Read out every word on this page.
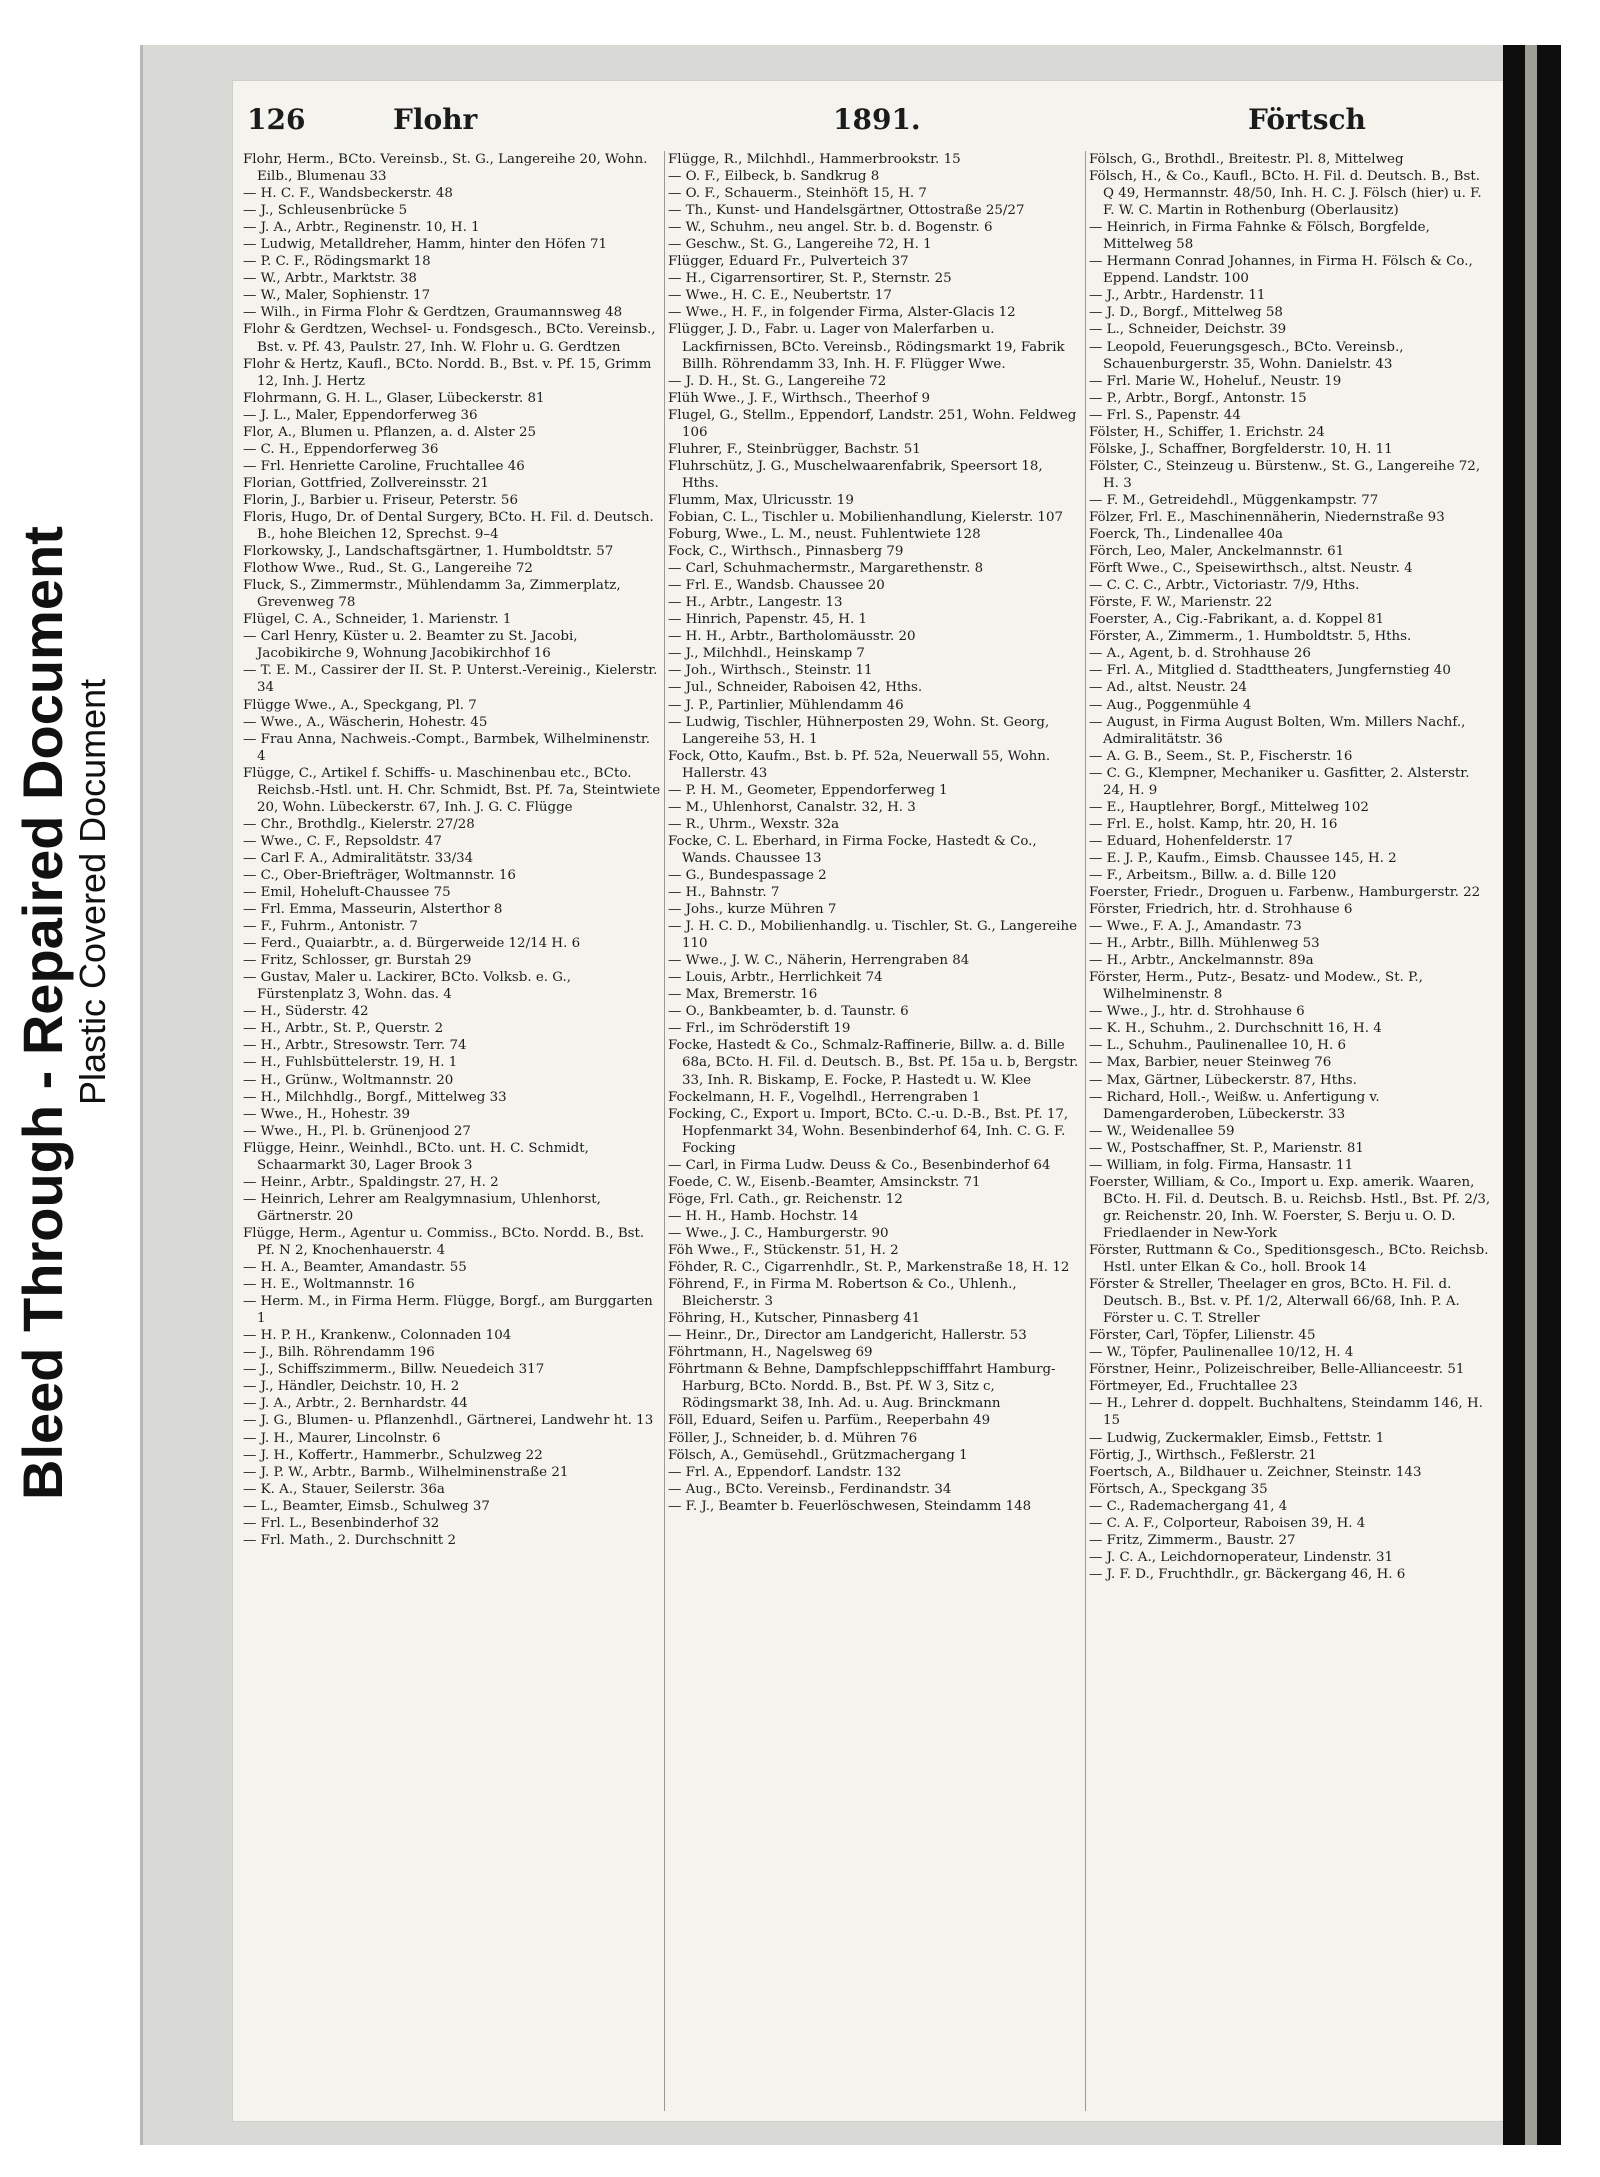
Bleed Through - Repaired Document
Plastic Covered Document
126	Flohr	1891.	Förtsch

Flohr, Herm., BCto. Vereinsb., St. G., Langereihe 20, Wohn. Eilb., Blumenau 33

— H. C. F., Wandsbeckerstr. 48

— J., Schleusenbrücke 5

— J. A., Arbtr., Reginenstr. 10, H. 1

— Ludwig, Metalldreher, Hamm, hinter den Höfen 71

— P. C. F., Rödingsmarkt 18

— W., Arbtr., Marktstr. 38

— W., Maler, Sophienstr. 17

— Wilh., in Firma Flohr & Gerdtzen, Graumannsweg 48

Flohr & Gerdtzen, Wechsel- u. Fondsgesch., BCto. Vereinsb., Bst. v. Pf. 43, Paulstr. 27, Inh. W. Flohr u. G. Gerdtzen

Flohr & Hertz, Kaufl., BCto. Nordd. B., Bst. v. Pf. 15, Grimm 12, Inh. J. Hertz

Flohrmann, G. H. L., Glaser, Lübeckerstr. 81

— J. L., Maler, Eppendorferweg 36

Flor, A., Blumen u. Pflanzen, a. d. Alster 25

— C. H., Eppendorferweg 36

— Frl. Henriette Caroline, Fruchtallee 46

Florian, Gottfried, Zollvereinsstr. 21

Florin, J., Barbier u. Friseur, Peterstr. 56

Floris, Hugo, Dr. of Dental Surgery, BCto. H. Fil. d. Deutsch. B., hohe Bleichen 12, Sprechst. 9–4

Florkowsky, J., Landschaftsgärtner, 1. Humboldtstr. 57

Flothow Wwe., Rud., St. G., Langereihe 72

Fluck, S., Zimmermstr., Mühlendamm 3a, Zimmerplatz, Grevenweg 78

Flügel, C. A., Schneider, 1. Marienstr. 1

— Carl Henry, Küster u. 2. Beamter zu St. Jacobi, Jacobikirche 9, Wohnung Jacobikirchhof 16

— T. E. M., Cassirer der II. St. P. Unterst.-Vereinig., Kielerstr. 34

Flügge Wwe., A., Speckgang, Pl. 7

— Wwe., A., Wäscherin, Hohestr. 45

— Frau Anna, Nachweis.-Compt., Barmbek, Wilhelminenstr. 4

Flügge, C., Artikel f. Schiffs- u. Maschinenbau etc., BCto. Reichsb.-Hstl. unt. H. Chr. Schmidt, Bst. Pf. 7a, Steintwiete 20, Wohn. Lübeckerstr. 67, Inh. J. G. C. Flügge

— Chr., Brothdlg., Kielerstr. 27/28

— Wwe., C. F., Repsoldstr. 47

— Carl F. A., Admiralitätstr. 33/34

— C., Ober-Briefträger, Woltmannstr. 16

— Emil, Hoheluft-Chaussee 75

— Frl. Emma, Masseurin, Alsterthor 8

— F., Fuhrm., Antonistr. 7

— Ferd., Quaiarbtr., a. d. Bürgerweide 12/14 H. 6

— Fritz, Schlosser, gr. Burstah 29

— Gustav, Maler u. Lackirer, BCto. Volksb. e. G., Fürstenplatz 3, Wohn. das. 4

— H., Süderstr. 42

— H., Arbtr., St. P., Querstr. 2

— H., Arbtr., Stresowstr. Terr. 74

— H., Fuhlsbüttelerstr. 19, H. 1

— H., Grünw., Woltmannstr. 20

— H., Milchhdlg., Borgf., Mittelweg 33

— Wwe., H., Hohestr. 39

— Wwe., H., Pl. b. Grünenjood 27

Flügge, Heinr., Weinhdl., BCto. unt. H. C. Schmidt, Schaarmarkt 30, Lager Brook 3

— Heinr., Arbtr., Spaldingstr. 27, H. 2

— Heinrich, Lehrer am Realgymnasium, Uhlenhorst, Gärtnerstr. 20

Flügge, Herm., Agentur u. Commiss., BCto. Nordd. B., Bst. Pf. N 2, Knochenhauerstr. 4

— H. A., Beamter, Amandastr. 55

— H. E., Woltmannstr. 16

— Herm. M., in Firma Herm. Flügge, Borgf., am Burggarten 1

— H. P. H., Krankenw., Colonnaden 104

— J., Bilh. Röhrendamm 196

— J., Schiffszimmerm., Billw. Neuedeich 317

— J., Händler, Deichstr. 10, H. 2

— J. A., Arbtr., 2. Bernhardstr. 44

— J. G., Blumen- u. Pflanzenhdl., Gärtnerei, Landwehr ht. 13

— J. H., Maurer, Lincolnstr. 6

— J. H., Koffertr., Hammerbr., Schulzweg 22

— J. P. W., Arbtr., Barmb., Wilhelminenstraße 21

— K. A., Stauer, Seilerstr. 36a

— L., Beamter, Eimsb., Schulweg 37

— Frl. L., Besenbinderhof 32

— Frl. Math., 2. Durchschnitt 2

Flügge, R., Milchhdl., Hammerbrookstr. 15

— O. F., Eilbeck, b. Sandkrug 8

— O. F., Schauerm., Steinhöft 15, H. 7

— Th., Kunst- und Handelsgärtner, Ottostraße 25/27

— W., Schuhm., neu angel. Str. b. d. Bogenstr. 6

— Geschw., St. G., Langereihe 72, H. 1

Flügger, Eduard Fr., Pulverteich 37

— H., Cigarrensortirer, St. P., Sternstr. 25

— Wwe., H. C. E., Neubertstr. 17

— Wwe., H. F., in folgender Firma, Alster-Glacis 12

Flügger, J. D., Fabr. u. Lager von Malerfarben u. Lackfirnissen, BCto. Vereinsb., Rödingsmarkt 19, Fabrik Billh. Röhrendamm 33, Inh. H. F. Flügger Wwe.

— J. D. H., St. G., Langereihe 72

Flüh Wwe., J. F., Wirthsch., Theerhof 9

Flugel, G., Stellm., Eppendorf, Landstr. 251, Wohn. Feldweg 106

Fluhrer, F., Steinbrügger, Bachstr. 51

Fluhrschütz, J. G., Muschelwaarenfabrik, Speersort 18, Hths.

Flumm, Max, Ulricusstr. 19

Fobian, C. L., Tischler u. Mobilienhandlung, Kielerstr. 107

Foburg, Wwe., L. M., neust. Fuhlentwiete 128

Fock, C., Wirthsch., Pinnasberg 79

— Carl, Schuhmachermstr., Margarethenstr. 8

— Frl. E., Wandsb. Chaussee 20

— H., Arbtr., Langestr. 13

— Hinrich, Papenstr. 45, H. 1

— H. H., Arbtr., Bartholomäusstr. 20

— J., Milchhdl., Heinskamp 7

— Joh., Wirthsch., Steinstr. 11

— Jul., Schneider, Raboisen 42, Hths.

— J. P., Partinlier, Mühlendamm 46

— Ludwig, Tischler, Hühnerposten 29, Wohn. St. Georg, Langereihe 53, H. 1

Fock, Otto, Kaufm., Bst. b. Pf. 52a, Neuerwall 55, Wohn. Hallerstr. 43

— P. H. M., Geometer, Eppendorferweg 1

— M., Uhlenhorst, Canalstr. 32, H. 3

— R., Uhrm., Wexstr. 32a

Focke, C. L. Eberhard, in Firma Focke, Hastedt & Co., Wands. Chaussee 13

— G., Bundespassage 2

— H., Bahnstr. 7

— Johs., kurze Mühren 7

— J. H. C. D., Mobilienhandlg. u. Tischler, St. G., Langereihe 110

— Wwe., J. W. C., Näherin, Herrengraben 84

— Louis, Arbtr., Herrlichkeit 74

— Max, Bremerstr. 16

— O., Bankbeamter, b. d. Taunstr. 6

— Frl., im Schröderstift 19

Focke, Hastedt & Co., Schmalz-Raffinerie, Billw. a. d. Bille 68a, BCto. H. Fil. d. Deutsch. B., Bst. Pf. 15a u. b, Bergstr. 33, Inh. R. Biskamp, E. Focke, P. Hastedt u. W. Klee

Fockelmann, H. F., Vogelhdl., Herrengraben 1

Focking, C., Export u. Import, BCto. C.-u. D.-B., Bst. Pf. 17, Hopfenmarkt 34, Wohn. Besenbinderhof 64, Inh. C. G. F. Focking

— Carl, in Firma Ludw. Deuss & Co., Besenbinderhof 64

Foede, C. W., Eisenb.-Beamter, Amsinckstr. 71

Föge, Frl. Cath., gr. Reichenstr. 12

— H. H., Hamb. Hochstr. 14

— Wwe., J. C., Hamburgerstr. 90

Föh Wwe., F., Stückenstr. 51, H. 2

Föhder, R. C., Cigarrenhdlr., St. P., Markenstraße 18, H. 12

Föhrend, F., in Firma M. Robertson & Co., Uhlenh., Bleicherstr. 3

Föhring, H., Kutscher, Pinnasberg 41

— Heinr., Dr., Director am Landgericht, Hallerstr. 53

Föhrtmann, H., Nagelsweg 69

Föhrtmann & Behne, Dampfschleppschifffahrt Hamburg-Harburg, BCto. Nordd. B., Bst. Pf. W 3, Sitz c, Rödingsmarkt 38, Inh. Ad. u. Aug. Brinckmann

Föll, Eduard, Seifen u. Parfüm., Reeperbahn 49

Föller, J., Schneider, b. d. Mühren 76

Fölsch, A., Gemüsehdl., Grützmachergang 1

— Frl. A., Eppendorf. Landstr. 132

— Aug., BCto. Vereinsb., Ferdinandstr. 34

— F. J., Beamter b. Feuerlöschwesen, Steindamm 148

Fölsch, G., Brothdl., Breitestr. Pl. 8, Mittelweg

Fölsch, H., & Co., Kaufl., BCto. H. Fil. d. Deutsch. B., Bst. Q 49, Hermannstr. 48/50, Inh. H. C. J. Fölsch (hier) u. F. F. W. C. Martin in Rothenburg (Oberlausitz)

— Heinrich, in Firma Fahnke & Fölsch, Borgfelde, Mittelweg 58

— Hermann Conrad Johannes, in Firma H. Fölsch & Co., Eppend. Landstr. 100

— J., Arbtr., Hardenstr. 11

— J. D., Borgf., Mittelweg 58

— L., Schneider, Deichstr. 39

— Leopold, Feuerungsgesch., BCto. Vereinsb., Schauenburgerstr. 35, Wohn. Danielstr. 43

— Frl. Marie W., Hoheluf., Neustr. 19

— P., Arbtr., Borgf., Antonstr. 15

— Frl. S., Papenstr. 44

Fölster, H., Schiffer, 1. Erichstr. 24

Fölske, J., Schaffner, Borgfelderstr. 10, H. 11

Fölster, C., Steinzeug u. Bürstenw., St. G., Langereihe 72, H. 3

— F. M., Getreidehdl., Müggenkampstr. 77

Fölzer, Frl. E., Maschinennäherin, Niedernstraße 93

Foerck, Th., Lindenallee 40a

Förch, Leo, Maler, Anckelmannstr. 61

Förft Wwe., C., Speisewirthsch., altst. Neustr. 4

— C. C. C., Arbtr., Victoriastr. 7/9, Hths.

Förste, F. W., Marienstr. 22

Foerster, A., Cig.-Fabrikant, a. d. Koppel 81

Förster, A., Zimmerm., 1. Humboldtstr. 5, Hths.

— A., Agent, b. d. Strohhause 26

— Frl. A., Mitglied d. Stadttheaters, Jungfernstieg 40

— Ad., altst. Neustr. 24

— Aug., Poggenmühle 4

— August, in Firma August Bolten, Wm. Millers Nachf., Admiralitätstr. 36

— A. G. B., Seem., St. P., Fischerstr. 16

— C. G., Klempner, Mechaniker u. Gasfitter, 2. Alsterstr. 24, H. 9

— E., Hauptlehrer, Borgf., Mittelweg 102

— Frl. E., holst. Kamp, htr. 20, H. 16

— Eduard, Hohenfelderstr. 17

— E. J. P., Kaufm., Eimsb. Chaussee 145, H. 2

— F., Arbeitsm., Billw. a. d. Bille 120

Foerster, Friedr., Droguen u. Farbenw., Hamburgerstr. 22

Förster, Friedrich, htr. d. Strohhause 6

— Wwe., F. A. J., Amandastr. 73

— H., Arbtr., Billh. Mühlenweg 53

— H., Arbtr., Anckelmannstr. 89a

Förster, Herm., Putz-, Besatz- und Modew., St. P., Wilhelminenstr. 8

— Wwe., J., htr. d. Strohhause 6

— K. H., Schuhm., 2. Durchschnitt 16, H. 4

— L., Schuhm., Paulinenallee 10, H. 6

— Max, Barbier, neuer Steinweg 76

— Max, Gärtner, Lübeckerstr. 87, Hths.

— Richard, Holl.-, Weißw. u. Anfertigung v. Damengarderoben, Lübeckerstr. 33

— W., Weidenallee 59

— W., Postschaffner, St. P., Marienstr. 81

— William, in folg. Firma, Hansastr. 11

Foerster, William, & Co., Import u. Exp. amerik. Waaren, BCto. H. Fil. d. Deutsch. B. u. Reichsb. Hstl., Bst. Pf. 2/3, gr. Reichenstr. 20, Inh. W. Foerster, S. Berju u. O. D. Friedlaender in New-York

Förster, Ruttmann & Co., Speditionsgesch., BCto. Reichsb. Hstl. unter Elkan & Co., holl. Brook 14

Förster & Streller, Theelager en gros, BCto. H. Fil. d. Deutsch. B., Bst. v. Pf. 1/2, Alterwall 66/68, Inh. P. A. Förster u. C. T. Streller

Förster, Carl, Töpfer, Lilienstr. 45

— W., Töpfer, Paulinenallee 10/12, H. 4

Förstner, Heinr., Polizeischreiber, Belle-Allianceestr. 51

Förtmeyer, Ed., Fruchtallee 23

— H., Lehrer d. doppelt. Buchhaltens, Steindamm 146, H. 15

— Ludwig, Zuckermakler, Eimsb., Fettstr. 1

Förtig, J., Wirthsch., Feßlerstr. 21

Foertsch, A., Bildhauer u. Zeichner, Steinstr. 143

Förtsch, A., Speckgang 35

— C., Rademachergang 41, 4

— C. A. F., Colporteur, Raboisen 39, H. 4

— Fritz, Zimmerm., Baustr. 27

— J. C. A., Leichdornoperateur, Lindenstr. 31

— J. F. D., Fruchthdlr., gr. Bäckergang 46, H. 6
